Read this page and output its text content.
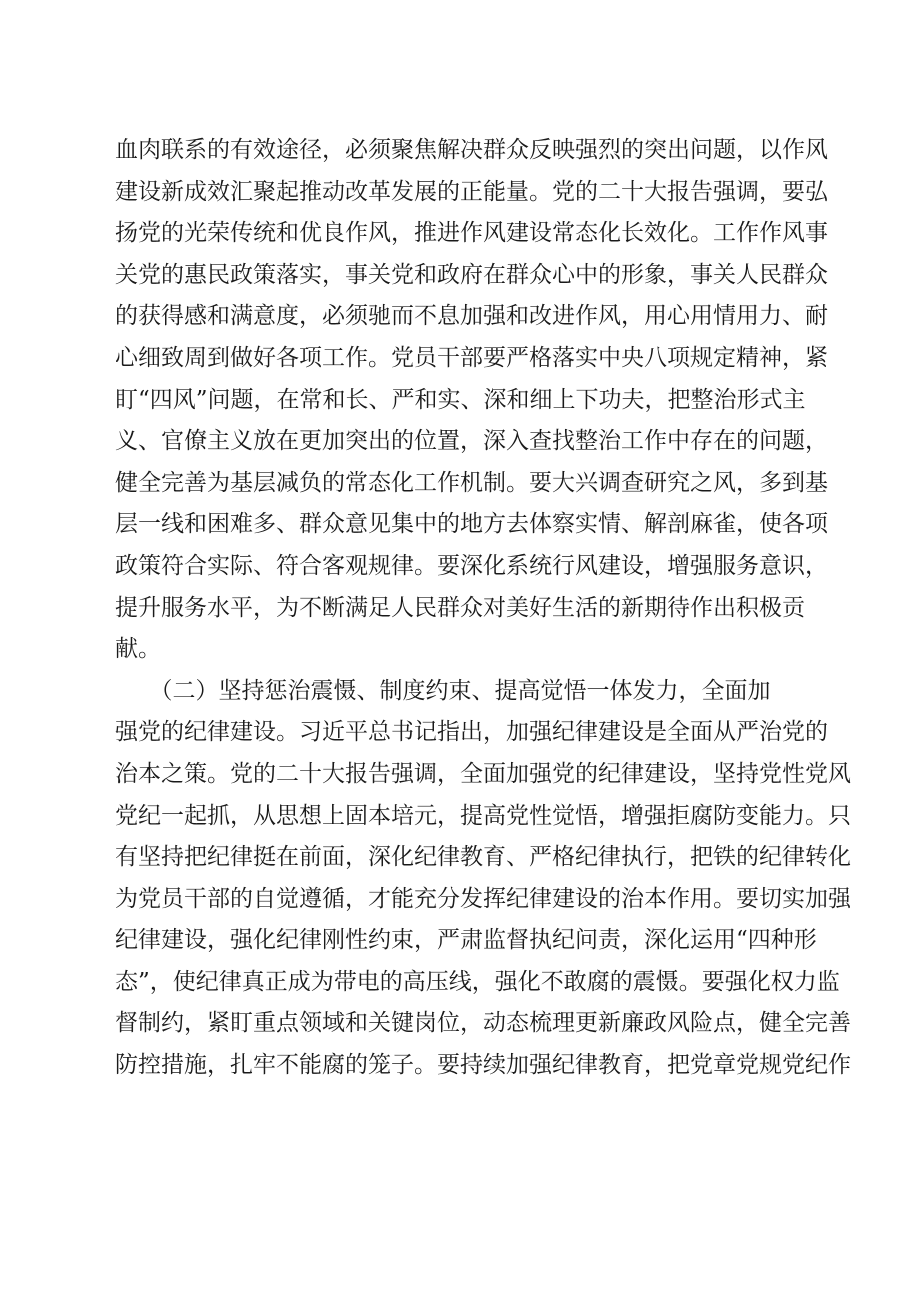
血肉联系的有效途径，必须聚焦解决群众反映强烈的突出问题，以作风
建设新成效汇聚起推动改革发展的正能量。党的二十大报告强调，要弘
扬党的光荣传统和优良作风，推进作风建设常态化长效化。工作作风事
关党的惠民政策落实，事关党和政府在群众心中的形象，事关人民群众
的获得感和满意度，必须驰而不息加强和改进作风，用心用情用力、耐
心细致周到做好各项工作。党员干部要严格落实中央八项规定精神，紧
盯“四风”问题，在常和长、严和实、深和细上下功夫，把整治形式主
义、官僚主义放在更加突出的位置，深入查找整治工作中存在的问题，
健全完善为基层减负的常态化工作机制。要大兴调查研究之风，多到基
层一线和困难多、群众意见集中的地方去体察实情、解剖麻雀，使各项
政策符合实际、符合客观规律。要深化系统行风建设，增强服务意识，
提升服务水平，为不断满足人民群众对美好生活的新期待作出积极贡
献。
　　（二）坚持惩治震慑、制度约束、提高觉悟一体发力，全面加
强党的纪律建设。习近平总书记指出，加强纪律建设是全面从严治党的
治本之策。党的二十大报告强调，全面加强党的纪律建设，坚持党性党风
党纪一起抓，从思想上固本培元，提高党性觉悟，增强拒腐防变能力。只
有坚持把纪律挺在前面，深化纪律教育、严格纪律执行，把铁的纪律转化
为党员干部的自觉遵循，才能充分发挥纪律建设的治本作用。要切实加强
纪律建设，强化纪律刚性约束，严肃监督执纪问责，深化运用“四种形
态”，使纪律真正成为带电的高压线，强化不敢腐的震慑。要强化权力监
督制约，紧盯重点领域和关键岗位，动态梳理更新廉政风险点，健全完善
防控措施，扎牢不能腐的笼子。要持续加强纪律教育，把党章党规党纪作
